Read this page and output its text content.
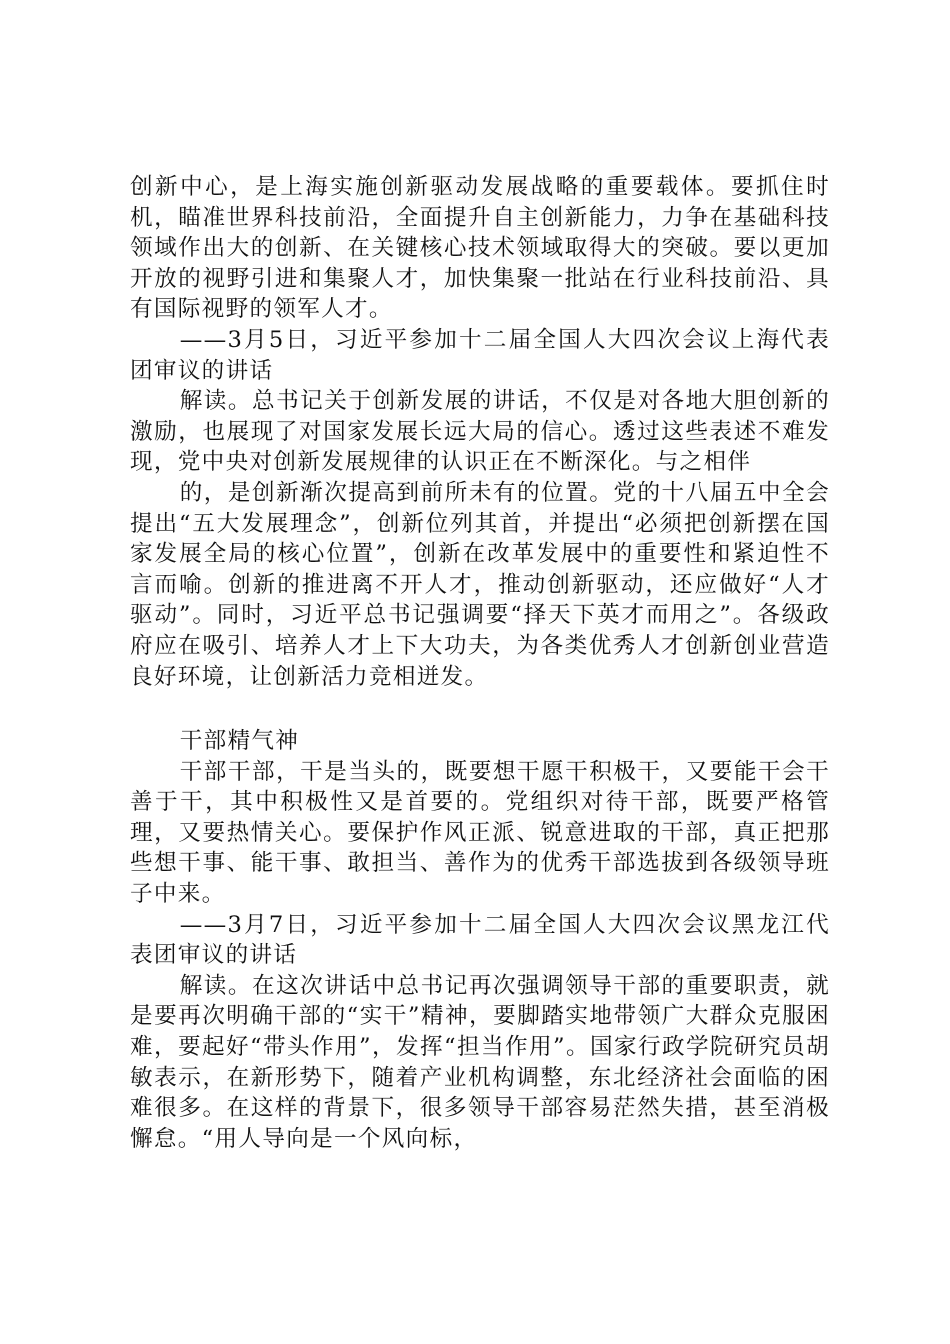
创新中心，是上海实施创新驱动发展战略的重要载体。要抓住时机，瞄准世界科技前沿，全面提升自主创新能力，力争在基础科技领域作出大的创新、在关键核心技术领域取得大的突破。要以更加开放的视野引进和集聚人才，加快集聚一批站在行业科技前沿、具有国际视野的领军人才。

——3月5日，习近平参加十二届全国人大四次会议上海代表团审议的讲话

解读。总书记关于创新发展的讲话，不仅是对各地大胆创新的激励，也展现了对国家发展长远大局的信心。透过这些表述不难发现，党中央对创新发展规律的认识正在不断深化。与之相伴

的，是创新渐次提高到前所未有的位置。党的十八届五中全会提出“五大发展理念”，创新位列其首，并提出“必须把创新摆在国家发展全局的核心位置”，创新在改革发展中的重要性和紧迫性不言而喻。创新的推进离不开人才，推动创新驱动，还应做好“人才驱动”。同时，习近平总书记强调要“择天下英才而用之”。各级政府应在吸引、培养人才上下大功夫，为各类优秀人才创新创业营造良好环境，让创新活力竞相迸发。

干部精气神

干部干部，干是当头的，既要想干愿干积极干，又要能干会干善于干，其中积极性又是首要的。党组织对待干部，既要严格管理，又要热情关心。要保护作风正派、锐意进取的干部，真正把那些想干事、能干事、敢担当、善作为的优秀干部选拔到各级领导班子中来。

——3月7日，习近平参加十二届全国人大四次会议黑龙江代表团审议的讲话

解读。在这次讲话中总书记再次强调领导干部的重要职责，就是要再次明确干部的“实干”精神，要脚踏实地带领广大群众克服困难，要起好“带头作用”，发挥“担当作用”。国家行政学院研究员胡敏表示，在新形势下，随着产业机构调整，东北经济社会面临的困难很多。在这样的背景下，很多领导干部容易茫然失措，甚至消极懈怠。“用人导向是一个风向标，
